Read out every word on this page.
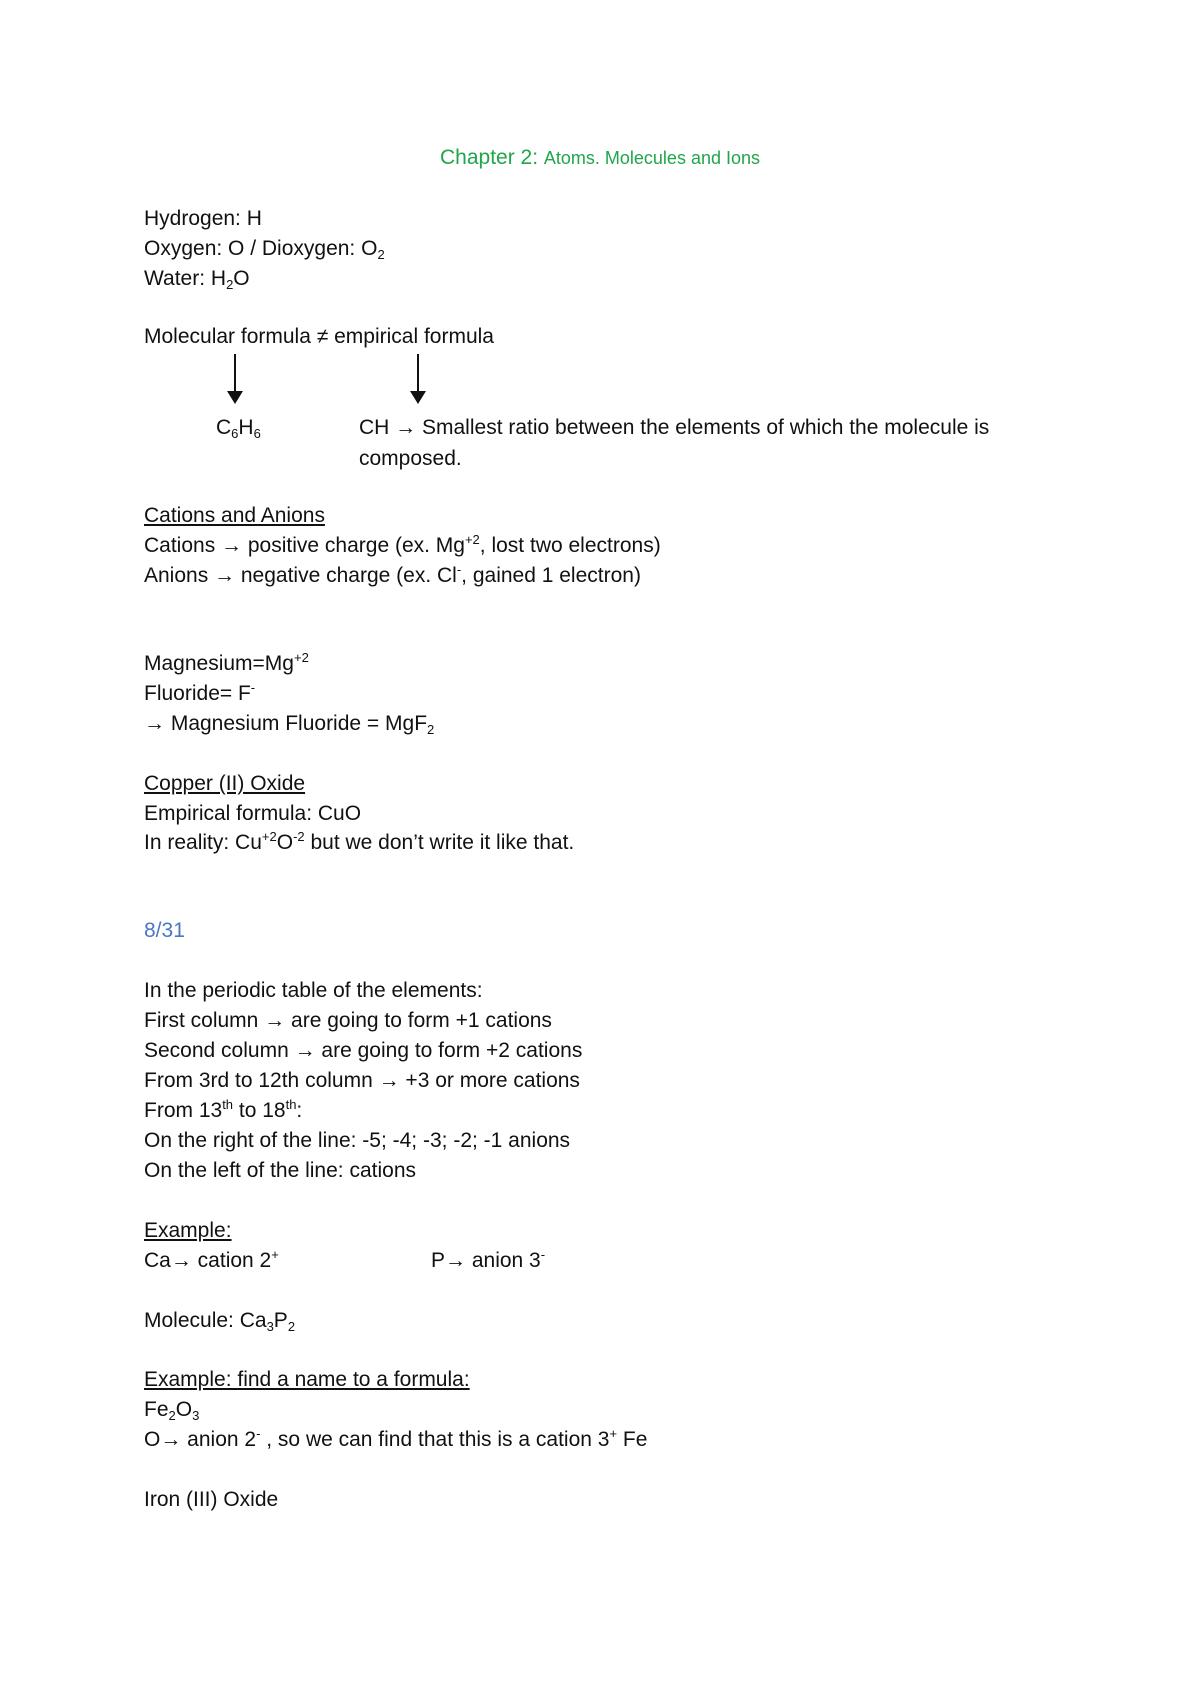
Chapter 2: Atoms. Molecules and Ions
Hydrogen: H
Oxygen: O / Dioxygen: $O_2$
Water: $H_2O$
Molecular formula ≠ empirical formula
$C_6H_6$	CH → Smallest ratio between the elements of which the molecule is
composed.
Cations and Anions
Cations → positive charge (ex. $Mg^{+2}$, lost two electrons)
Anions → negative charge (ex. Cl-, gained 1 electron)
$Magnesium=Mg^{+2}$
Fluoride= F-
→ Magnesium Fluoride = MgF$_2$
Copper (II) Oxide
Empirical formula: CuO
In reality: $Cu^{+2}O^{-2}$ but we don’t write it like that.
8/31
In the periodic table of the elements:
First column → are going to form +1 cations
Second column → are going to form +2 cations
From 3rd to 12th column → +3 or more cations
From 13th to 18th:
On the right of the line: -5; -4; -3; -2; -1 anions
On the left of the line: cations
Example:
Ca→ cation 2+	P→ anion 3-
Molecule: $Ca_3P_2$
Example: find a name to a formula:
$Fe_2O_3$
O→ anion 2- , so we can find that this is a cation 3+ Fe
Iron (III) Oxide
